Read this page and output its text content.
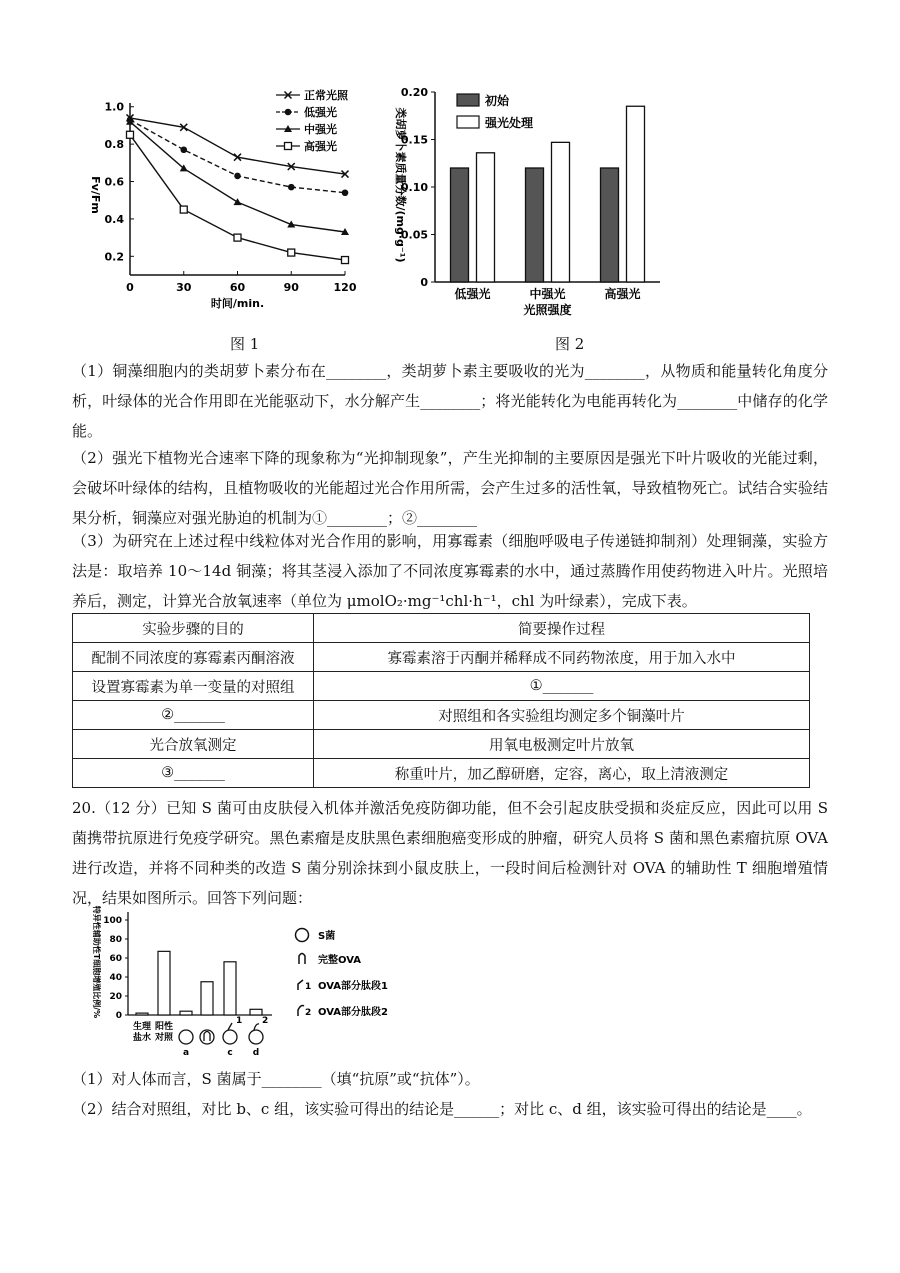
0	30	60	90	120
0.2
0.4
0.6
0.8
1.0
时间/min.
Fv/Fm
正常光照
低强光
中强光
高强光
0
0.05
0.10
0.15
0.20
低强光	中强光	高强光
光照强度
类胡萝卜素质量分数/(mg·g⁻¹)
初始
强光处理
图 1	图 2
（1）铜藻细胞内的类胡萝卜素分布在________，类胡萝卜素主要吸收的光为________，从物质和能量转化角度分析，叶绿体的光合作用即在光能驱动下，水分解产生________；将光能转化为电能再转化为________中储存的化学能。
（2）强光下植物光合速率下降的现象称为“光抑制现象”，产生光抑制的主要原因是强光下叶片吸收的光能过剩，会破坏叶绿体的结构，且植物吸收的光能超过光合作用所需，会产生过多的活性氧，导致植物死亡。试结合实验结果分析，铜藻应对强光胁迫的机制为①________；②________
（3）为研究在上述过程中线粒体对光合作用的影响，用寡霉素（细胞呼吸电子传递链抑制剂）处理铜藻，实验方法是：取培养 10～14d 铜藻；将其茎浸入添加了不同浓度寡霉素的水中，通过蒸腾作用使药物进入叶片。光照培养后，测定，计算光合放氧速率（单位为 μmolO₂·mg⁻¹chl·h⁻¹，chl 为叶绿素），完成下表。
实验步骤的目的	简要操作过程
配制不同浓度的寡霉素丙酮溶液	寡霉素溶于丙酮并稀释成不同药物浓度，用于加入水中
设置寡霉素为单一变量的对照组	①_______
②_______	对照组和各实验组均测定多个铜藻叶片
光合放氧测定	用氧电极测定叶片放氧
③_______	称重叶片，加乙醇研磨，定容，离心，取上清液测定
20.（12 分）已知 S 菌可由皮肤侵入机体并激活免疫防御功能，但不会引起皮肤受损和炎症反应，因此可以用 S 菌携带抗原进行免疫学研究。黑色素瘤是皮肤黑色素细胞癌变形成的肿瘤，研究人员将 S 菌和黑色素瘤抗原 OVA 进行改造，并将不同种类的改造 S 菌分别涂抹到小鼠皮肤上，一段时间后检测针对 OVA 的辅助性 T 细胞增殖情况，结果如图所示。回答下列问题：
0
20
40
60
80
100
特异性辅助性T细胞增殖比例/%
生理
盐水
阳性
对照
1 2
a	c d
S菌
完整OVA
1 OVA部分肽段1
2 OVA部分肽段2
（1）对人体而言，S 菌属于________（填“抗原”或“抗体”）。
（2）结合对照组，对比 b、c 组，该实验可得出的结论是______；对比 c、d 组，该实验可得出的结论是____。
